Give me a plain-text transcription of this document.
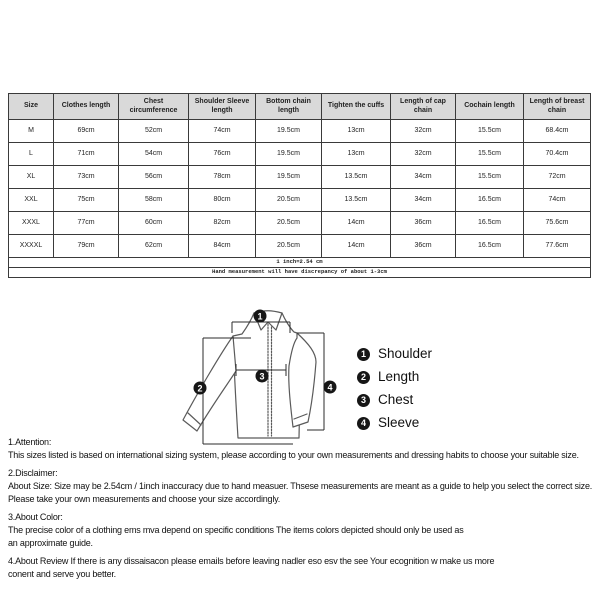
Size	Clothes length	Chest circumference	Shoulder Sleeve length	Bottom chain length	Tighten the cuffs	Length of cap chain	Cochain length	Length of breast chain
M	69cm	52cm	74cm	19.5cm	13cm	32cm	15.5cm	68.4cm
L	71cm	54cm	76cm	19.5cm	13cm	32cm	15.5cm	70.4cm
XL	73cm	56cm	78cm	19.5cm	13.5cm	34cm	15.5cm	72cm
XXL	75cm	58cm	80cm	20.5cm	13.5cm	34cm	16.5cm	74cm
XXXL	77cm	60cm	82cm	20.5cm	14cm	36cm	16.5cm	75.6cm
XXXXL	79cm	62cm	84cm	20.5cm	14cm	36cm	16.5cm	77.6cm
1 inch=2.54 cm								
Hand measurement will have discrepancy of about 1-3cm								
1
2
3
4
1 Shoulder
2 Length
3 Chest
4 Sleeve
1.Attention:
This sizes listed is based on international sizing system, please according to your own measurements and dressing habits to choose your suitable size.
2.Disclaimer:
About Size: Size may be 2.54cm / 1inch inaccuracy due to hand measuer. Thsese measurements are meant as a guide to help you select the correct size.
Please take your own measurements and choose your size accordingly.
3.About Color:
The precise color of a clothing ems mva depend on specific conditions The items colors depicted should only be used as
an approximate guide.
4.About Review If there is any dissaisacon please emails before leaving nadler eso esv the see Your ecognition w make us more
conent and serve you better.
